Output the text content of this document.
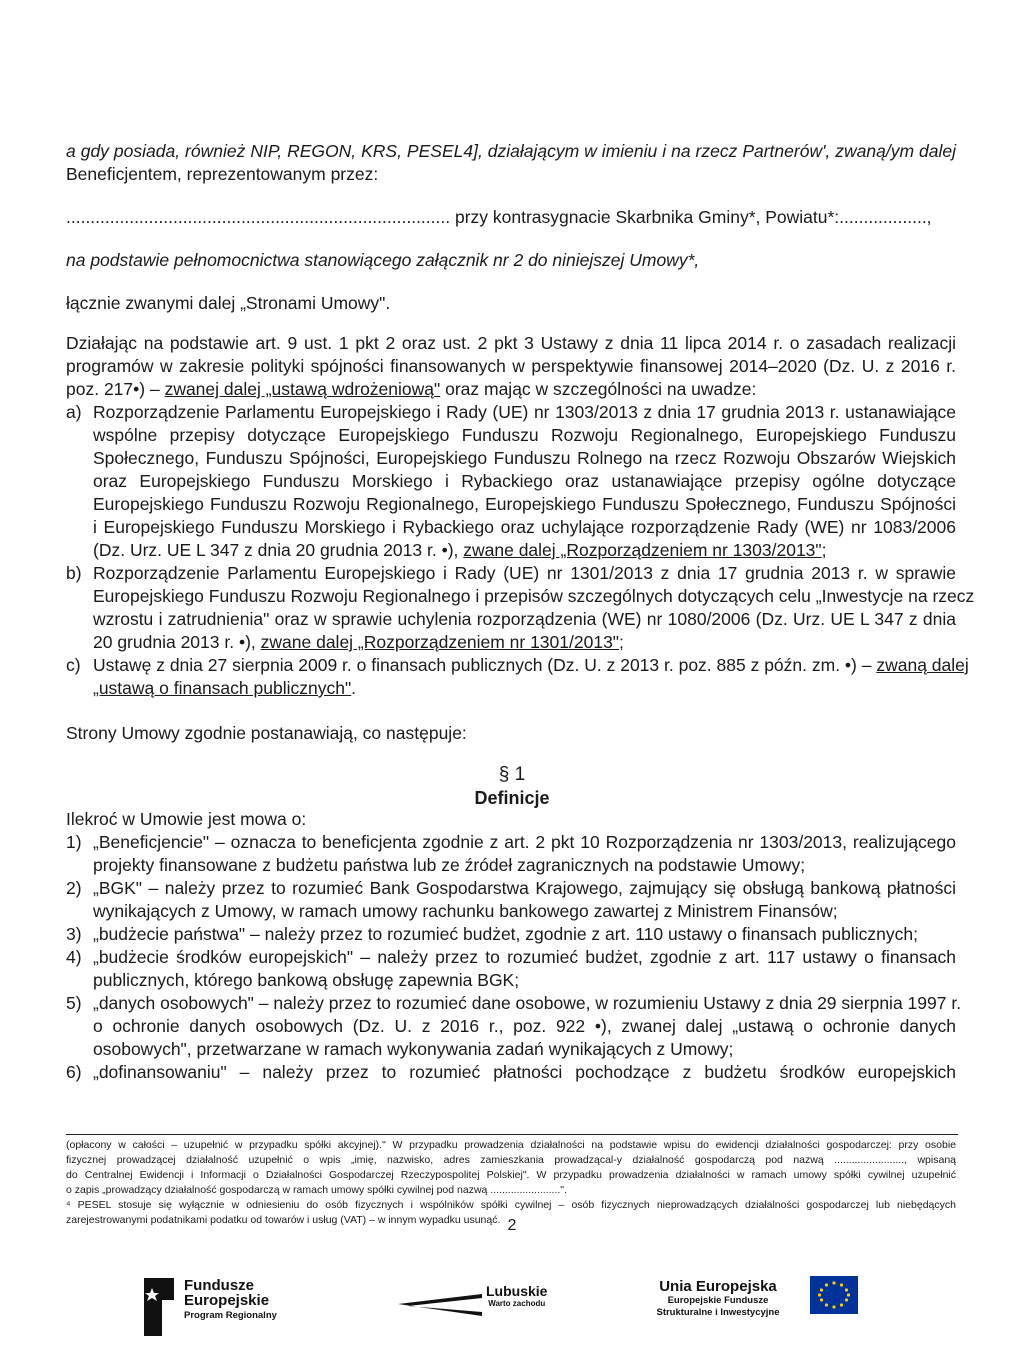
a gdy posiada, również NIP, REGON, KRS, PESEL4], działającym w imieniu i na rzecz Partnerów', zwaną/ym dalej
Beneficjentem, reprezentowanym przez:
............................................................................... przy kontrasygnacie Skarbnika Gminy*, Powiatu*:..................,
na podstawie pełnomocnictwa stanowiącego załącznik nr 2 do niniejszej Umowy*,
łącznie zwanymi dalej „Stronami Umowy".
Działając na podstawie art. 9 ust. 1 pkt 2 oraz ust. 2 pkt 3 Ustawy z dnia 11 lipca 2014 r. o zasadach realizacji
programów w zakresie polityki spójności finansowanych w perspektywie finansowej 2014–2020 (Dz. U. z 2016 r.
poz. 217•) – zwanej dalej „ustawą wdrożeniową" oraz mając w szczególności na uwadze:
a) Rozporządzenie Parlamentu Europejskiego i Rady (UE) nr 1303/2013 z dnia 17 grudnia 2013 r. ustanawiające
wspólne przepisy dotyczące Europejskiego Funduszu Rozwoju Regionalnego, Europejskiego Funduszu
Społecznego, Funduszu Spójności, Europejskiego Funduszu Rolnego na rzecz Rozwoju Obszarów Wiejskich
oraz Europejskiego Funduszu Morskiego i Rybackiego oraz ustanawiające przepisy ogólne dotyczące
Europejskiego Funduszu Rozwoju Regionalnego, Europejskiego Funduszu Społecznego, Funduszu Spójności
i Europejskiego Funduszu Morskiego i Rybackiego oraz uchylające rozporządzenie Rady (WE) nr 1083/2006
(Dz. Urz. UE L 347 z dnia 20 grudnia 2013 r. •), zwane dalej „Rozporządzeniem nr 1303/2013";
b) Rozporządzenie Parlamentu Europejskiego i Rady (UE) nr 1301/2013 z dnia 17 grudnia 2013 r. w sprawie
Europejskiego Funduszu Rozwoju Regionalnego i przepisów szczególnych dotyczących celu „Inwestycje na rzecz
wzrostu i zatrudnienia" oraz w sprawie uchylenia rozporządzenia (WE) nr 1080/2006 (Dz. Urz. UE L 347 z dnia
20 grudnia 2013 r. •), zwane dalej „Rozporządzeniem nr 1301/2013";
c) Ustawę z dnia 27 sierpnia 2009 r. o finansach publicznych (Dz. U. z 2013 r. poz. 885 z późn. zm. •) – zwaną dalej
„ustawą o finansach publicznych".
Strony Umowy zgodnie postanawiają, co następuje:
§ 1
Definicje
Ilekroć w Umowie jest mowa o:
1) „Beneficjencie" – oznacza to beneficjenta zgodnie z art. 2 pkt 10 Rozporządzenia nr 1303/2013, realizującego
projekty finansowane z budżetu państwa lub ze źródeł zagranicznych na podstawie Umowy;
2) „BGK" – należy przez to rozumieć Bank Gospodarstwa Krajowego, zajmujący się obsługą bankową płatności
wynikających z Umowy, w ramach umowy rachunku bankowego zawartej z Ministrem Finansów;
3) „budżecie państwa" – należy przez to rozumieć budżet, zgodnie z art. 110 ustawy o finansach publicznych;
4) „budżecie środków europejskich" – należy przez to rozumieć budżet, zgodnie z art. 117 ustawy o finansach
publicznych, którego bankową obsługę zapewnia BGK;
5) „danych osobowych" – należy przez to rozumieć dane osobowe, w rozumieniu Ustawy z dnia 29 sierpnia 1997 r.
o ochronie danych osobowych (Dz. U. z 2016 r., poz. 922 •), zwanej dalej „ustawą o ochronie danych
osobowych", przetwarzane w ramach wykonywania zadań wynikających z Umowy;
6) „dofinansowaniu" – należy przez to rozumieć płatności pochodzące z budżetu środków europejskich
(opłacony w całości – uzupełnić w przypadku spółki akcyjnej)." W przypadku prowadzenia działalności na podstawie wpisu do ewidencji działalności gospodarczej: przy osobie
fizycznej prowadzącej działalność uzupełnić o wpis „imię, nazwisko, adres zamieszkania prowadzącal-y działalność gospodarczą pod nazwą ........................, wpisaną
do Centralnej Ewidencji i Informacji o Działalności Gospodarczej Rzeczypospolitej Polskiej". W przypadku prowadzenia działalności w ramach umowy spółki cywilnej uzupełnić
o zapis „prowadzący działalność gospodarczą w ramach umowy spółki cywilnej pod nazwą ........................".
⁴ PESEL stosuje się wyłącznie w odniesieniu do osób fizycznych i wspólników spółki cywilnej – osób fizycznych nieprowadzących działalności gospodarczej lub niebędących
zarejestrowanymi podatnikami podatku od towarów i usług (VAT) – w innym wypadku usunąć. 2
Fundusze
Europejskie
Program Regionalny
Lubuskie
Warto zachodu
Unia Europejska
Europejskie Fundusze
Strukturalne i Inwestycyjne
